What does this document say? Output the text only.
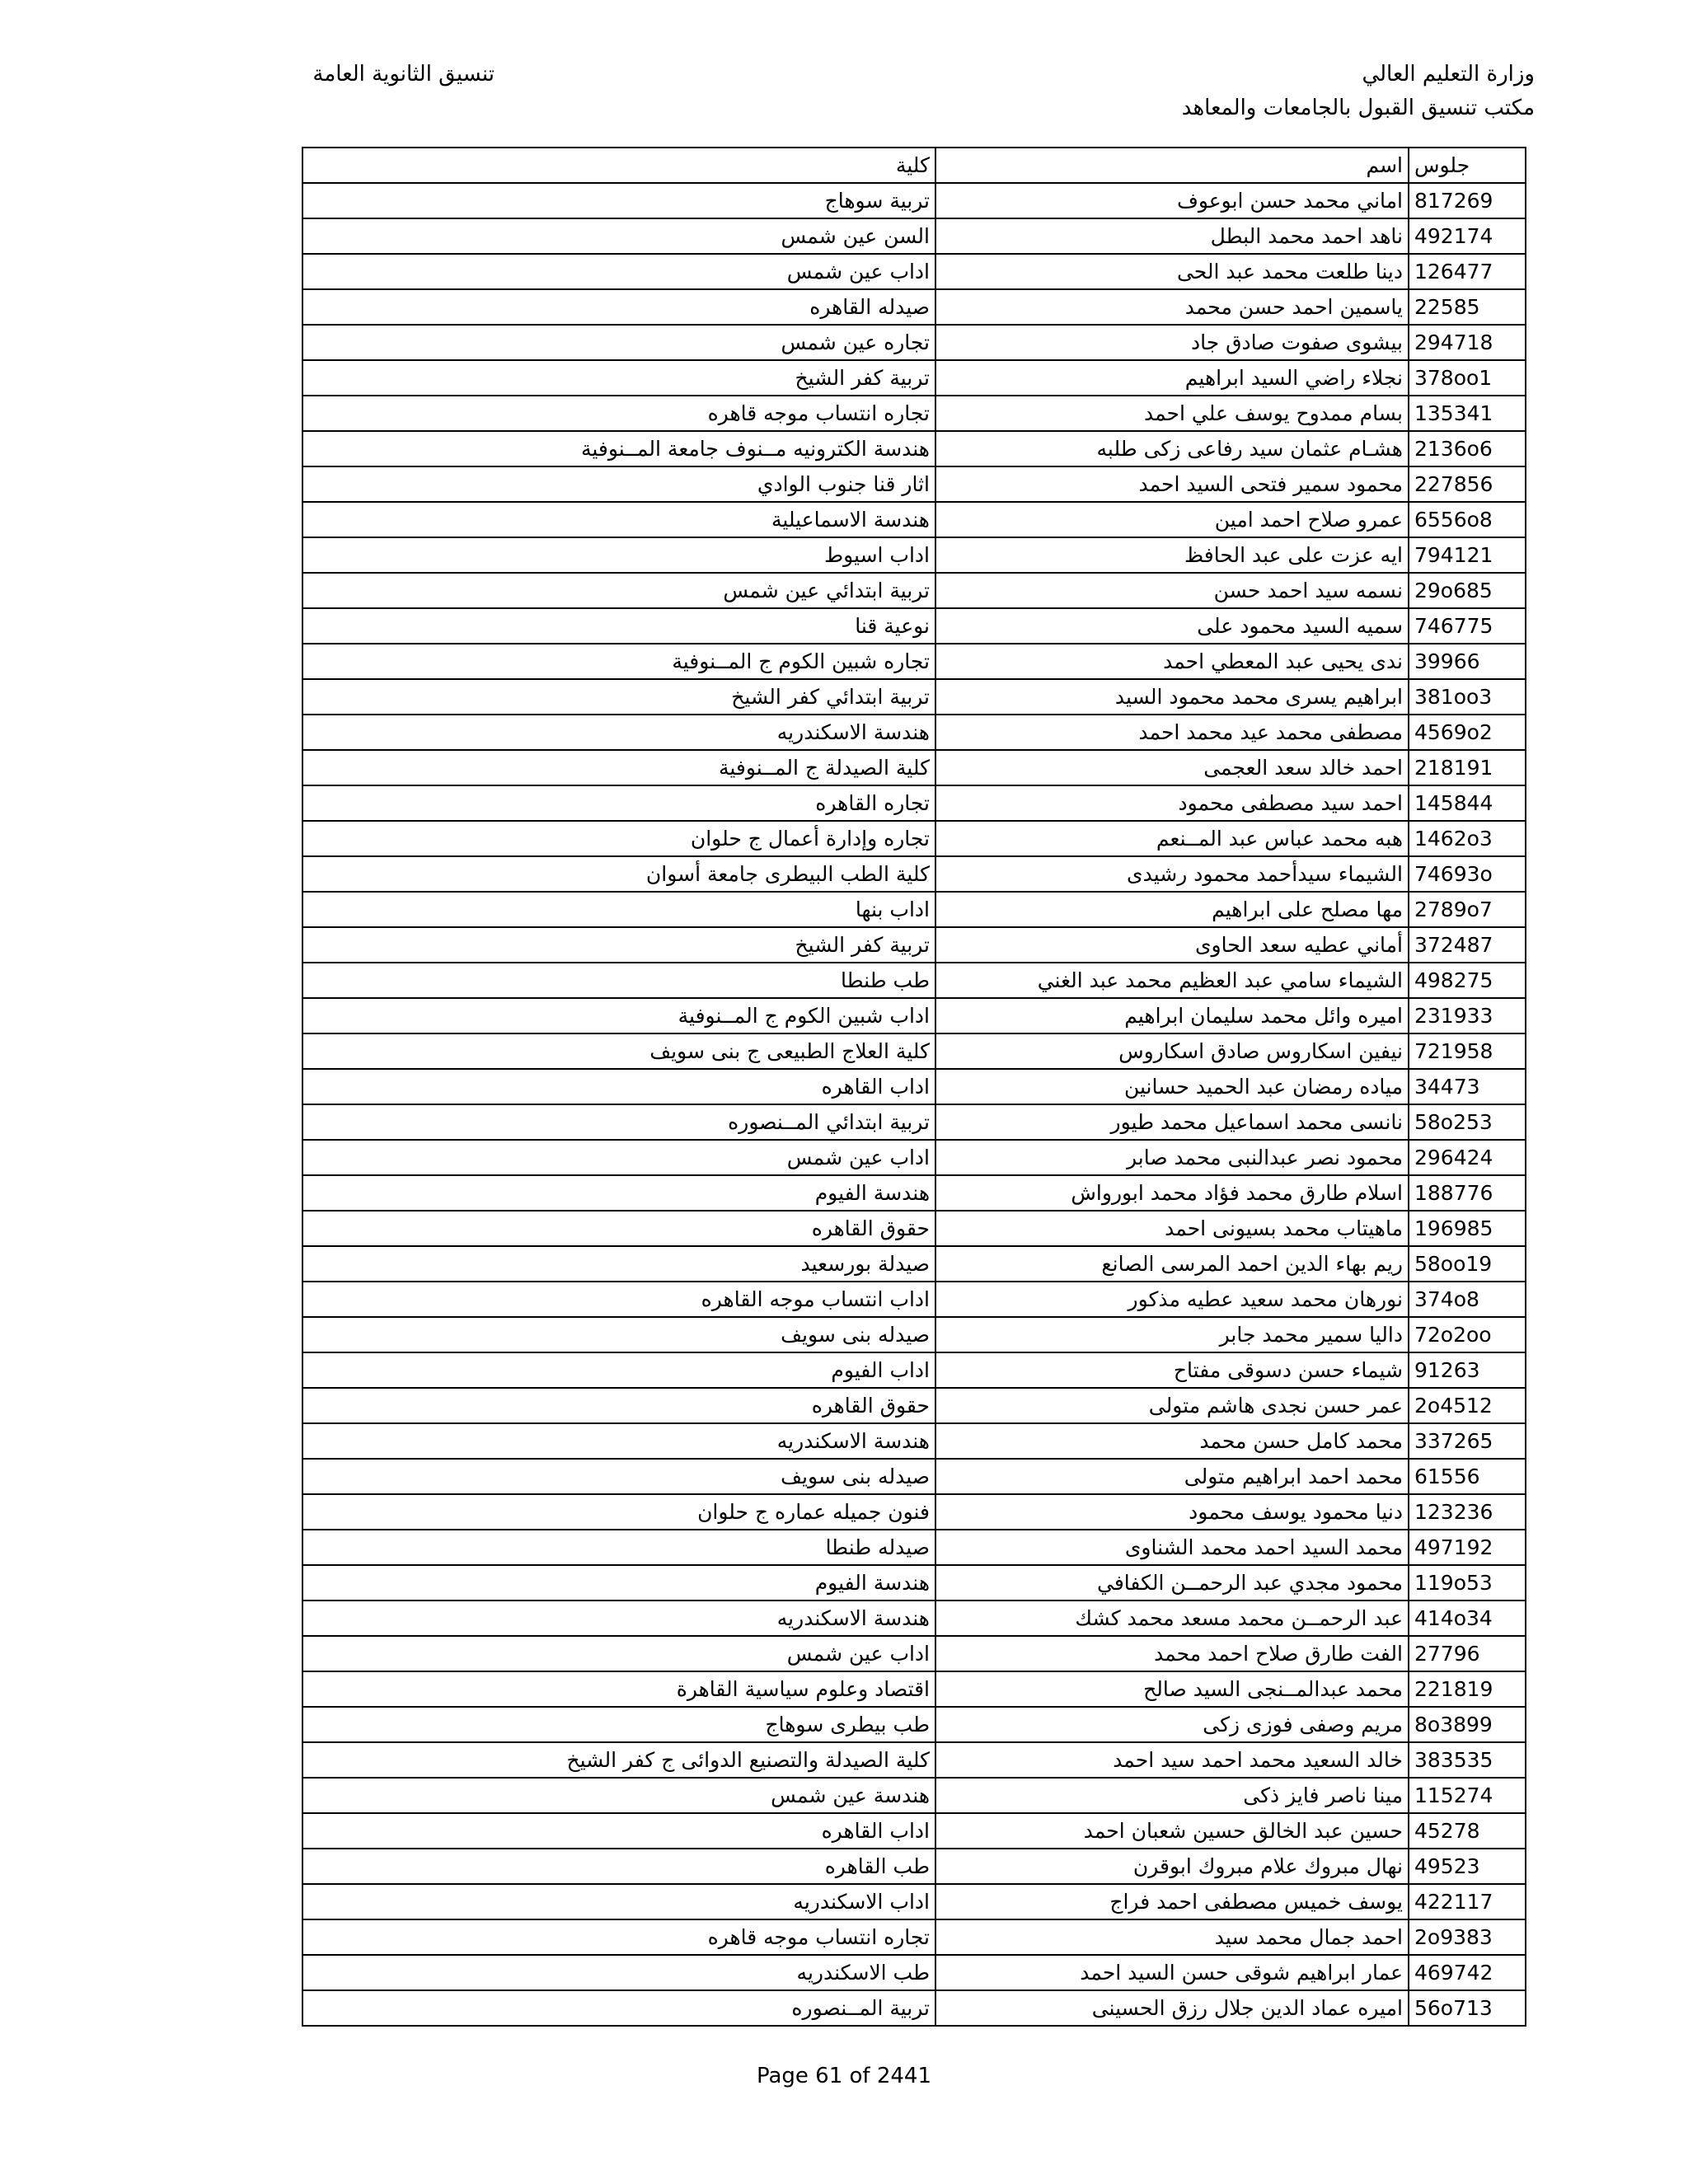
وزارة التعليم العالي
مكتب تنسيق القبول بالجامعات والمعاهد
تنسيق الثانوية العامة
كلية	اسم	جلوس
تربية سوهاج	اماني محمد حسن ابوعوف	817269
السن عين شمس	ناهد احمد محمد البطل	492174
اداب عين شمس	دينا طلعت محمد عبد الحى	126477
صيدله القاهره	ياسمين احمد حسن محمد	22585
تجاره عين شمس	بيشوى صفوت صادق جاد	294718
تربية كفر الشيخ	نجلاء راضي السيد ابراهيم	378oo1
تجاره انتساب موجه قاهره	بسام ممدوح يوسف علي احمد	135341
هندسة الكترونيه مــنوف جامعة المــنوفية	هشـام عثمان سيد رفاعى زكى طلبه	2136o6
اثار قنا جنوب الوادي	محمود سمير فتحى السيد احمد	227856
هندسة الاسماعيلية	عمرو صلاح احمد امين	6556o8
اداب اسيوط	ايه عزت على عبد الحافظ	794121
تربية ابتدائي عين شمس	نسمه سيد احمد حسن	29o685
نوعية قنا	سميه السيد محمود على	746775
تجاره شبين الكوم ج المــنوفية	ندى يحيى عبد المعطي احمد	39966
تربية ابتدائي كفر الشيخ	ابراهيم يسرى محمد محمود السيد	381oo3
هندسة الاسكندريه	مصطفى محمد عيد محمد احمد	4569o2
كلية الصيدلة ج المــنوفية	احمد خالد سعد العجمى	218191
تجاره القاهره	احمد سيد مصطفى محمود	145844
تجاره وإدارة أعمال ج حلوان	هبه محمد عباس عبد المــنعم	1462o3
كلية الطب البيطرى جامعة أسوان	الشيماء سيدأحمد محمود رشيدى	74693o
اداب بنها	مها مصلح على ابراهيم	2789o7
تربية كفر الشيخ	أماني عطيه سعد الحاوى	372487
طب طنطا	الشيماء سامي عبد العظيم محمد عبد الغني	498275
اداب شبين الكوم ج المــنوفية	اميره وائل محمد سليمان ابراهيم	231933
كلية العلاج الطبيعى ج بنى سويف	نيفين اسكاروس صادق اسكاروس	721958
اداب القاهره	مياده رمضان عبد الحميد حسانين	34473
تربية ابتدائي المــنصوره	نانسى محمد اسماعيل محمد طيور	58o253
اداب عين شمس	محمود نصر عبدالنبى محمد صابر	296424
هندسة الفيوم	اسلام طارق محمد فؤاد محمد ابورواش	188776
حقوق القاهره	ماهيتاب محمد بسيونى احمد	196985
صيدلة بورسعيد	ريم بهاء الدين احمد المرسى الصانع	58oo19
اداب انتساب موجه القاهره	نورهان محمد سعيد عطيه مذكور	374o8
صيدله بنى سويف	داليا سمير محمد جابر	72o2oo
اداب الفيوم	شيماء حسن دسوقى مفتاح	91263
حقوق القاهره	عمر حسن نجدى هاشم متولى	2o4512
هندسة الاسكندريه	محمد كامل حسن محمد	337265
صيدله بنى سويف	محمد احمد ابراهيم متولى	61556
فنون جميله عماره ج حلوان	دنيا محمود يوسف محمود	123236
صيدله طنطا	محمد السيد احمد محمد الشناوى	497192
هندسة الفيوم	محمود مجدي عبد الرحمــن الكفافي	119o53
هندسة الاسكندريه	عبد الرحمــن محمد مسعد محمد كشك	414o34
اداب عين شمس	الفت طارق صلاح احمد محمد	27796
اقتصاد وعلوم سياسية القاهرة	محمد عبدالمــنجى السيد صالح	221819
طب بيطرى سوهاج	مريم وصفى فوزى زكى	8o3899
كلية الصيدلة والتصنيع الدوائى ج كفر الشيخ	خالد السعيد محمد احمد سيد احمد	383535
هندسة عين شمس	مينا ناصر فايز ذكى	115274
اداب القاهره	حسين عبد الخالق حسين شعبان احمد	45278
طب القاهره	نهال مبروك علام مبروك ابوقرن	49523
اداب الاسكندريه	يوسف خميس مصطفى احمد فراج	422117
تجاره انتساب موجه قاهره	احمد جمال محمد سيد	2o9383
طب الاسكندريه	عمار ابراهيم شوقى حسن السيد احمد	469742
تربية المــنصوره	اميره عماد الدين جلال رزق الحسينى	56o713
Page 61 of 2441
